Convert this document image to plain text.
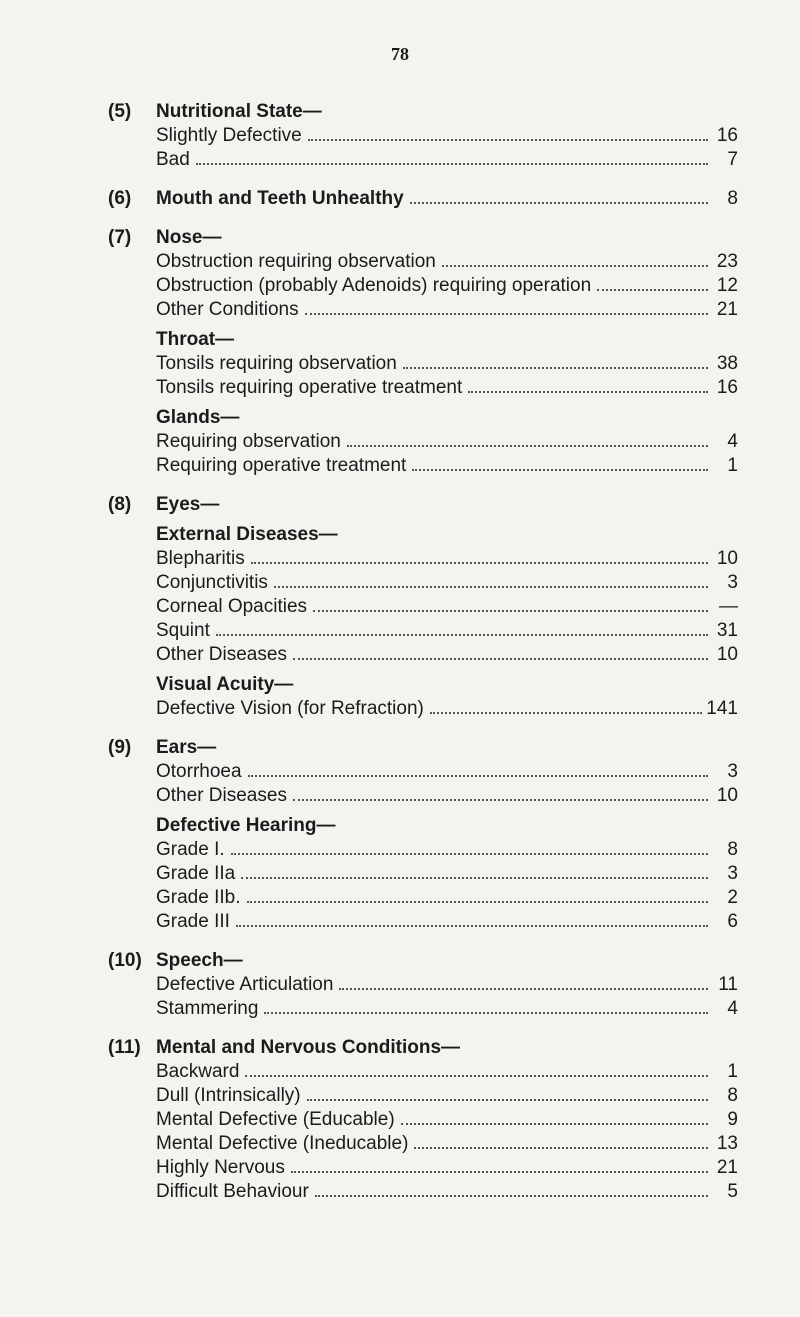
78
(5)	Nutritional State—
Slightly Defective	16
Bad	7
(6)	Mouth and Teeth Unhealthy	8
(7)	Nose—
Obstruction requiring observation	23
Obstruction (probably Adenoids) requiring operation	12
Other Conditions	21
Throat—
Tonsils requiring observation	38
Tonsils requiring operative treatment	16
Glands—
Requiring observation	4
Requiring operative treatment	1
(8)	Eyes—
External Diseases—
Blepharitis	10
Conjunctivitis	3
Corneal Opacities	—
Squint	31
Other Diseases	10
Visual Acuity—
Defective Vision (for Refraction)	141
(9)	Ears—
Otorrhoea	3
Other Diseases	10
Defective Hearing—
Grade I.	8
Grade IIa	3
Grade IIb.	2
Grade III	6
(10) Speech—
Defective Articulation	11
Stammering	4
(11) Mental and Nervous Conditions—
Backward	1
Dull (Intrinsically)	8
Mental Defective (Educable)	9
Mental Defective (Ineducable)	13
Highly Nervous	21
Difficult Behaviour	5
